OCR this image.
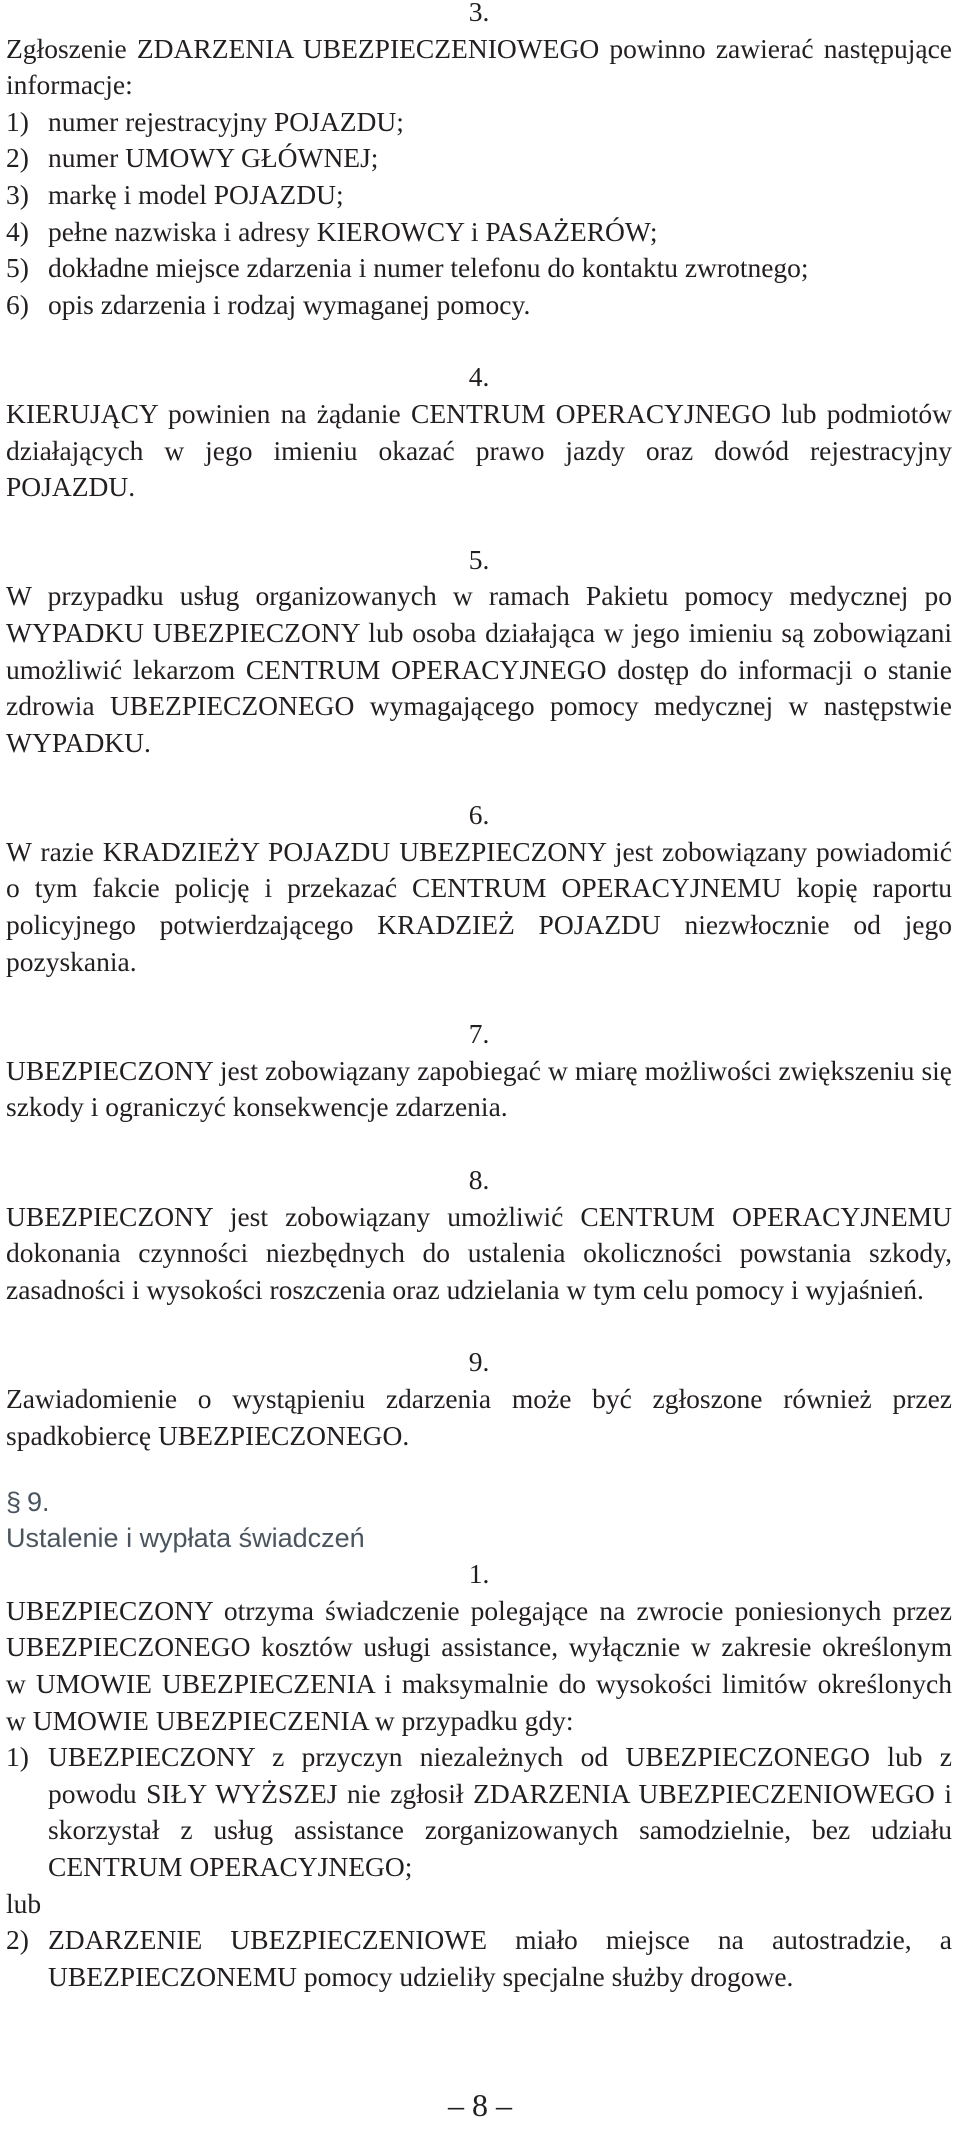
3.

Zgłoszenie ZDARZENIA UBEZPIECZENIOWEGO powinno zawierać następujące informacje:

1) numer rejestracyjny POJAZDU;
2) numer UMOWY GŁÓWNEJ;
3) markę i model POJAZDU;
4) pełne nazwiska i adresy KIEROWCY i PASAŻERÓW;
5) dokładne miejsce zdarzenia i numer telefonu do kontaktu zwrotnego;
6) opis zdarzenia i rodzaj wymaganej pomocy.

4.

KIERUJĄCY powinien na żądanie CENTRUM OPERACYJNEGO lub podmiotów działających w jego imieniu okazać prawo jazdy oraz dowód rejestracyjny POJAZDU.

5.

W przypadku usług organizowanych w ramach Pakietu pomocy medycznej po WYPADKU UBEZPIECZONY lub osoba działająca w jego imieniu są zobowiązani umożliwić lekarzom CENTRUM OPERACYJNEGO dostęp do informacji o stanie zdrowia UBEZPIECZONEGO wymagającego pomocy medycznej w następstwie WYPADKU.

6.

W razie KRADZIEŻY POJAZDU UBEZPIECZONY jest zobowiązany powiadomić o tym fakcie policję i przekazać CENTRUM OPERACYJNEMU kopię raportu policyjnego potwierdzającego KRADZIEŻ POJAZDU niezwłocznie od jego pozyskania.

7.

UBEZPIECZONY jest zobowiązany zapobiegać w miarę możliwości zwiększeniu się szkody i ograniczyć konsekwencje zdarzenia.

8.

UBEZPIECZONY jest zobowiązany umożliwić CENTRUM OPERACYJNEMU dokonania czynności niezbędnych do ustalenia okoliczności powstania szkody, zasadności i wysokości roszczenia oraz udzielania w tym celu pomocy i wyjaśnień.

9.

Zawiadomienie o wystąpieniu zdarzenia może być zgłoszone również przez spadkobiercę UBEZPIECZONEGO.

§ 9.

Ustalenie i wypłata świadczeń

1.

UBEZPIECZONY otrzyma świadczenie polegające na zwrocie poniesionych przez UBEZPIECZONEGO kosztów usługi assistance, wyłącznie w zakresie określonym w UMOWIE UBEZPIECZENIA i maksymalnie do wysokości limitów określonych w UMOWIE UBEZPIECZENIA w przypadku gdy:

1) UBEZPIECZONY z przyczyn niezależnych od UBEZPIECZONEGO lub z powodu SIŁY WYŻSZEJ nie zgłosił ZDARZENIA UBEZPIECZENIOWEGO i skorzystał z usług assistance zorganizowanych samodzielnie, bez udziału CENTRUM OPERACYJNEGO;

lub

2) ZDARZENIE UBEZPIECZENIOWE miało miejsce na autostradzie, a UBEZPIECZONEMU pomocy udzieliły specjalne służby drogowe.
– 8 –
